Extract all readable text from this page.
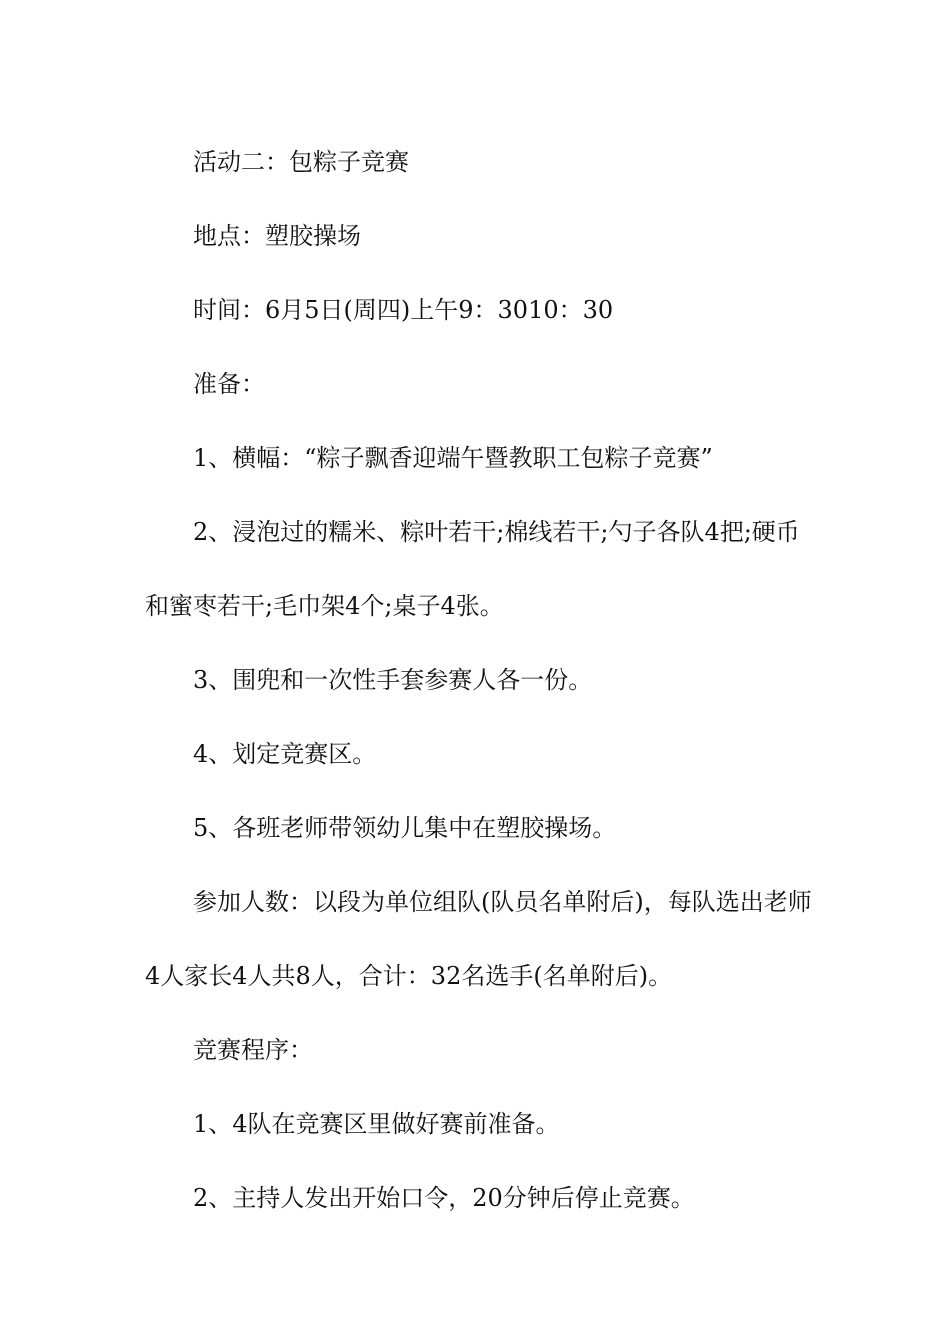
活动二：包粽子竞赛

地点：塑胶操场

时间：6月5日(周四)上午9：3010：30

准备：

1、横幅：“粽子飘香迎端午暨教职工包粽子竞赛”

2、浸泡过的糯米、粽叶若干;棉线若干;勺子各队4把;硬币和蜜枣若干;毛巾架4个;桌子4张。

3、围兜和一次性手套参赛人各一份。

4、划定竞赛区。

5、各班老师带领幼儿集中在塑胶操场。

参加人数：以段为单位组队(队员名单附后)，每队选出老师4人家长4人共8人，合计：32名选手(名单附后)。

竞赛程序：

1、4队在竞赛区里做好赛前准备。

2、主持人发出开始口令，20分钟后停止竞赛。
